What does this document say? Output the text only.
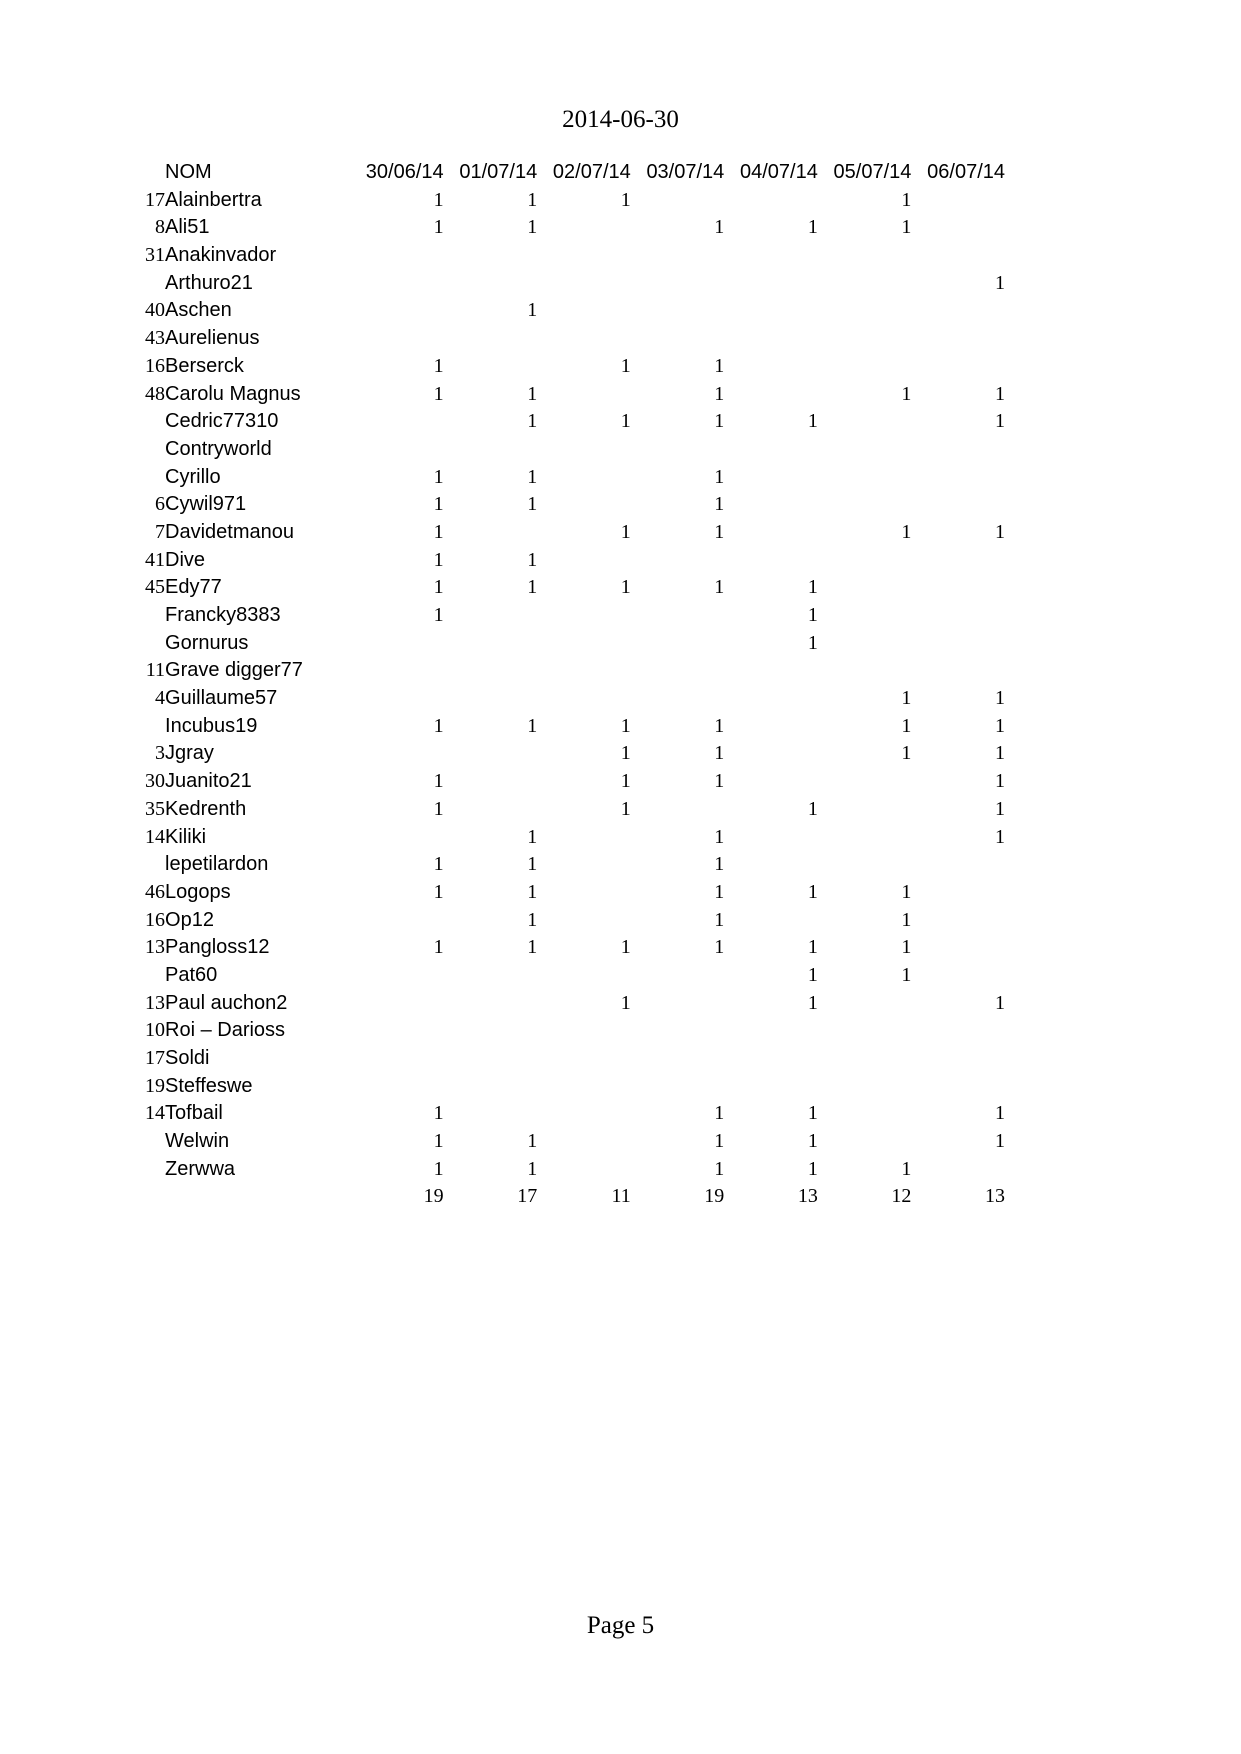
2014-06-30
	NOM	30/06/14	01/07/14	02/07/14	03/07/14	04/07/14	05/07/14	06/07/14
17	Alainbertra	1	1	1			1	
8	Ali51	1	1		1	1	1	
31	Anakinvador							
	Arthuro21							1
40	Aschen		1					
43	Aurelienus							
16	Berserck	1		1	1			
48	Carolu Magnus	1	1		1		1	1
	Cedric77310		1	1	1	1		1
	Contryworld							
	Cyrillo	1	1		1			
6	Cywil971	1	1		1			
7	Davidetmanou	1		1	1		1	1
41	Dive	1	1					
45	Edy77	1	1	1	1	1		
	Francky8383	1				1		
	Gornurus					1		
11	Grave digger77							
4	Guillaume57						1	1
	Incubus19	1	1	1	1		1	1
3	Jgray			1	1		1	1
30	Juanito21	1		1	1			1
35	Kedrenth	1		1		1		1
14	Kiliki		1		1			1
	lepetilardon	1	1		1			
46	Logops	1	1		1	1	1	
16	Op12		1		1		1	
13	Pangloss12	1	1	1	1	1	1	
	Pat60					1	1	
13	Paul auchon2			1		1		1
10	Roi – Darioss							
17	Soldi							
19	Steffeswe							
14	Tofbail	1			1	1		1
	Welwin	1	1		1	1		1
	Zerwwa	1	1		1	1	1	
		19	17	11	19	13	12	13
Page 5
